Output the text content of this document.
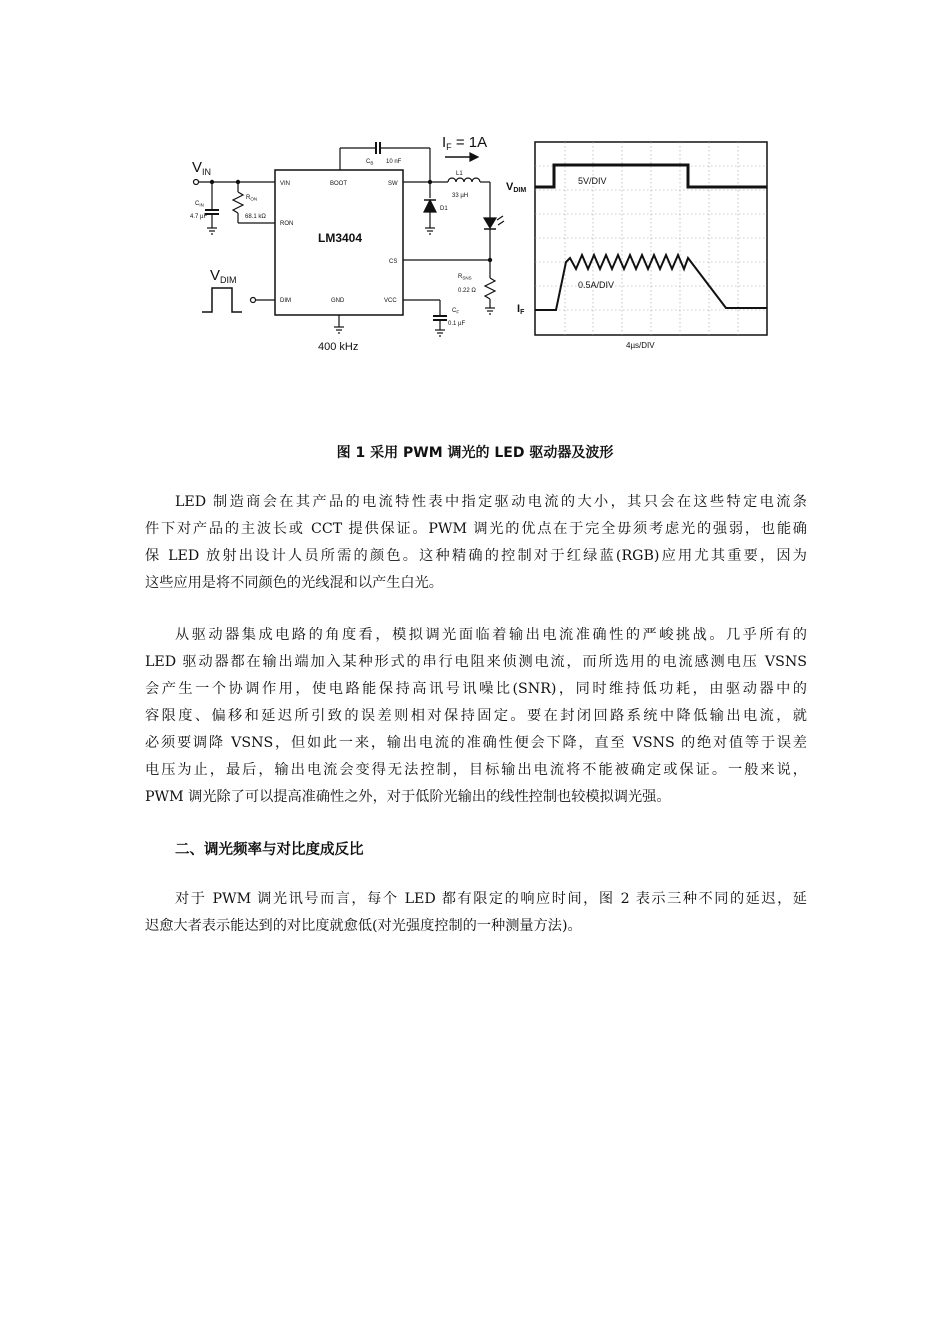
$V_{IN}$
$V_{DIM}$
$I_F = 1A$
$C_B$ 10 nF
L1
33 µH
$C_{IN}$
4.7 µF
$R_{ON}$
68.1 kΩ
D1
LM3404
VIN	BOOT	SW
RON
CS
DIM	GND	VCC
$R_{SNS}$
0.22 Ω
$C_F$
0.1 µF
400 kHz
VDIM
IF
5V/DIV
0.5A/DIV
4µs/DIV
图 1 采用 PWM 调光的 LED 驱动器及波形
LED 制造商会在其产品的电流特性表中指定驱动电流的大小，其只会在这些特定电流条
件下对产品的主波长或 CCT 提供保证。PWM 调光的优点在于完全毋须考虑光的强弱，也能确
保 LED 放射出设计人员所需的颜色。这种精确的控制对于红绿蓝(RGB)应用尤其重要，因为
这些应用是将不同颜色的光线混和以产生白光。
从驱动器集成电路的角度看，模拟调光面临着输出电流准确性的严峻挑战。几乎所有的
LED 驱动器都在输出端加入某种形式的串行电阻来侦测电流，而所选用的电流感测电压 VSNS
会产生一个协调作用，使电路能保持高讯号讯噪比(SNR)，同时维持低功耗，由驱动器中的
容限度、偏移和延迟所引致的误差则相对保持固定。要在封闭回路系统中降低输出电流，就
必须要调降 VSNS，但如此一来，输出电流的准确性便会下降，直至 VSNS 的绝对值等于误差
电压为止，最后，输出电流会变得无法控制，目标输出电流将不能被确定或保证。一般来说，
PWM 调光除了可以提高准确性之外，对于低阶光输出的线性控制也较模拟调光强。
二、调光频率与对比度成反比
对于 PWM 调光讯号而言，每个 LED 都有限定的响应时间，图 2 表示三种不同的延迟，延
迟愈大者表示能达到的对比度就愈低(对光强度控制的一种测量方法)。
